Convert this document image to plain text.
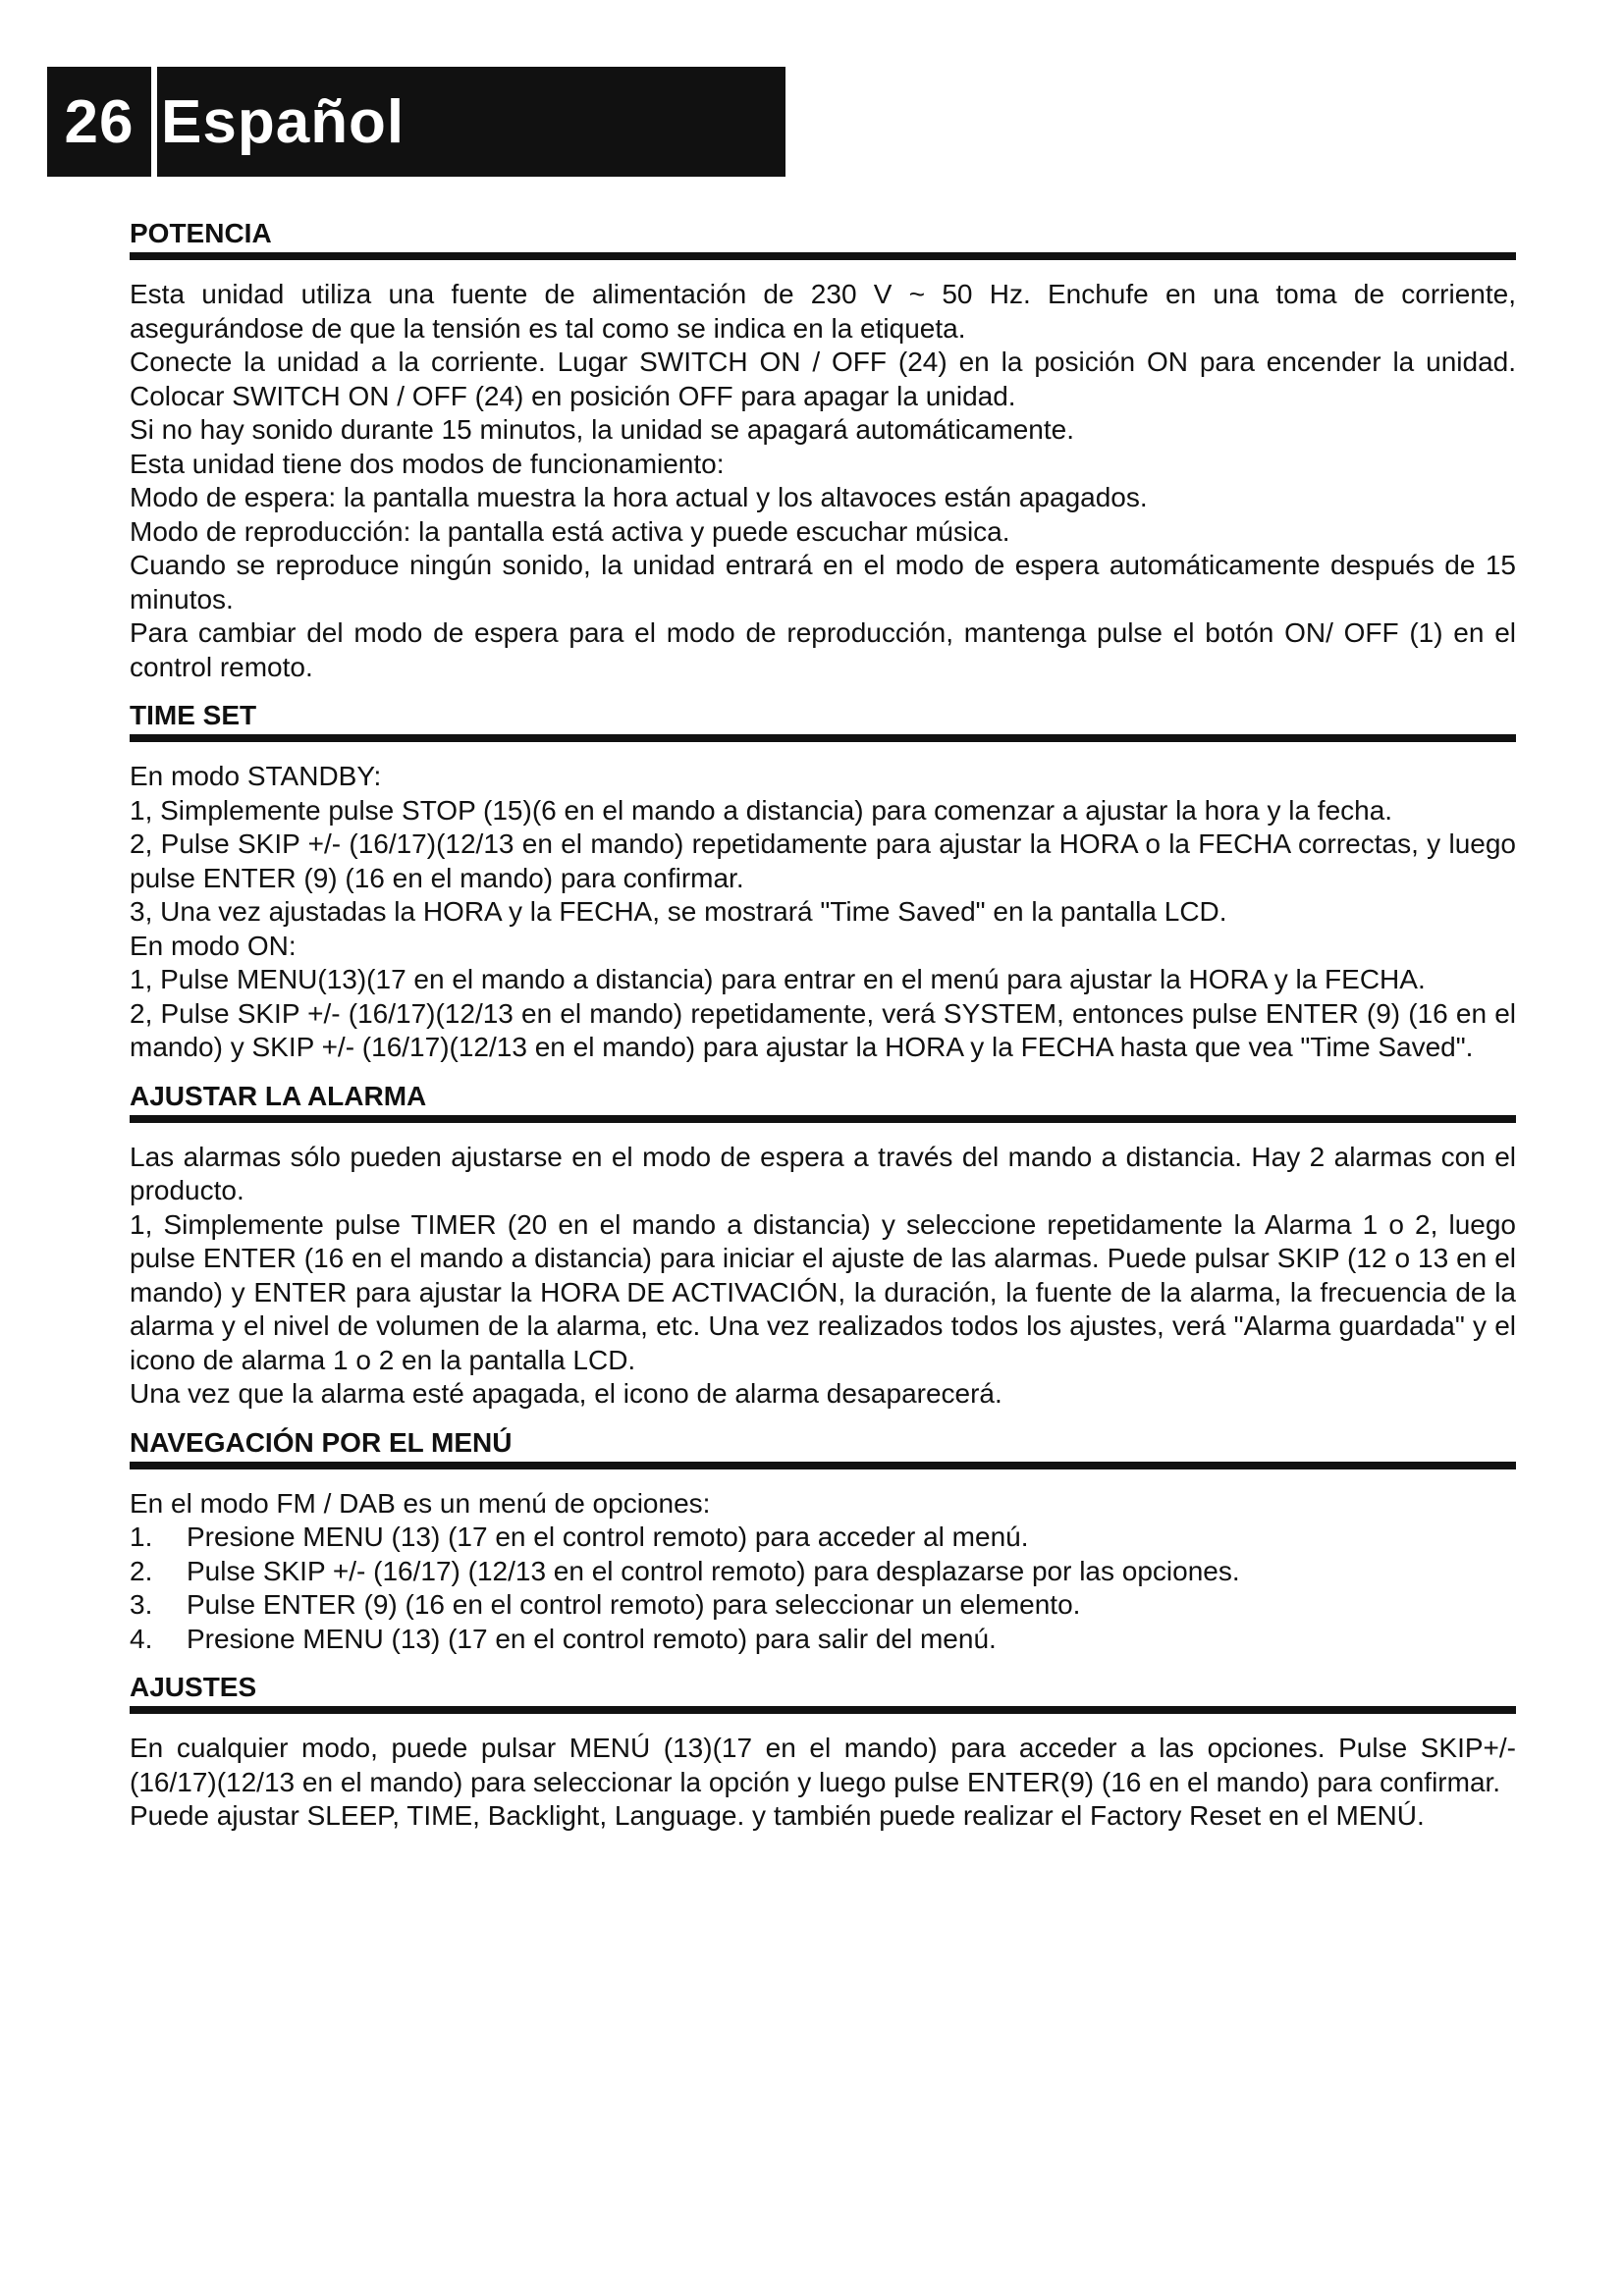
26 Español
POTENCIA

Esta unidad utiliza una fuente de alimentación de 230 V ~ 50 Hz. Enchufe en una toma de corriente, asegurándose de que la tensión es tal como se indica en la etiqueta.

Conecte la unidad a la corriente. Lugar SWITCH ON / OFF (24) en la posición ON para encender la unidad. Colocar SWITCH ON / OFF (24) en posición OFF para apagar la unidad.

Si no hay sonido durante 15 minutos, la unidad se apagará automáticamente.

Esta unidad tiene dos modos de funcionamiento:

Modo de espera: la pantalla muestra la hora actual y los altavoces están apagados.

Modo de reproducción: la pantalla está activa y puede escuchar música.

Cuando se reproduce ningún sonido, la unidad entrará en el modo de espera automáticamente después de 15 minutos.

Para cambiar del modo de espera para el modo de reproducción, mantenga pulse el botón ON/ OFF (1) en el control remoto.

TIME SET

En modo STANDBY:

1, Simplemente pulse STOP (15)(6 en el mando a distancia) para comenzar a ajustar la hora y la fecha.

2, Pulse SKIP +/- (16/17)(12/13 en el mando) repetidamente para ajustar la HORA o la FECHA correctas, y luego pulse ENTER (9) (16 en el mando) para confirmar.

3, Una vez ajustadas la HORA y la FECHA, se mostrará "Time Saved" en la pantalla LCD.

En modo ON:

1, Pulse MENU(13)(17 en el mando a distancia) para entrar en el menú para ajustar la HORA y la FECHA.

2, Pulse SKIP +/- (16/17)(12/13 en el mando) repetidamente, verá SYSTEM, entonces pulse ENTER (9) (16 en el mando) y SKIP +/- (16/17)(12/13 en el mando) para ajustar la HORA y la FECHA hasta que vea "Time Saved".

AJUSTAR LA ALARMA

Las alarmas sólo pueden ajustarse en el modo de espera a través del mando a distancia. Hay 2 alarmas con el producto.

1, Simplemente pulse TIMER (20 en el mando a distancia) y seleccione repetidamente la Alarma 1 o 2, luego pulse ENTER (16 en el mando a distancia) para iniciar el ajuste de las alarmas. Puede pulsar SKIP (12 o 13 en el mando) y ENTER para ajustar la HORA DE ACTIVACIÓN, la duración, la fuente de la alarma, la frecuencia de la alarma y el nivel de volumen de la alarma, etc. Una vez realizados todos los ajustes, verá "Alarma guardada" y el icono de alarma 1 o 2 en la pantalla LCD.

Una vez que la alarma esté apagada, el icono de alarma desaparecerá.

NAVEGACIÓN POR EL MENÚ

En el modo FM / DAB es un menú de opciones:

1.	Presione MENU (13) (17 en el control remoto) para acceder al menú.
2.	Pulse SKIP +/- (16/17) (12/13 en el control remoto) para desplazarse por las opciones.
3.	Pulse ENTER (9) (16 en el control remoto) para seleccionar un elemento.
4.	Presione MENU (13) (17 en el control remoto) para salir del menú.
AJUSTES

En cualquier modo, puede pulsar MENÚ (13)(17 en el mando) para acceder a las opciones. Pulse SKIP+/- (16/17)(12/13 en el mando) para seleccionar la opción y luego pulse ENTER(9) (16 en el mando) para confirmar.

Puede ajustar SLEEP, TIME, Backlight, Language. y también puede realizar el Factory Reset en el MENÚ.
